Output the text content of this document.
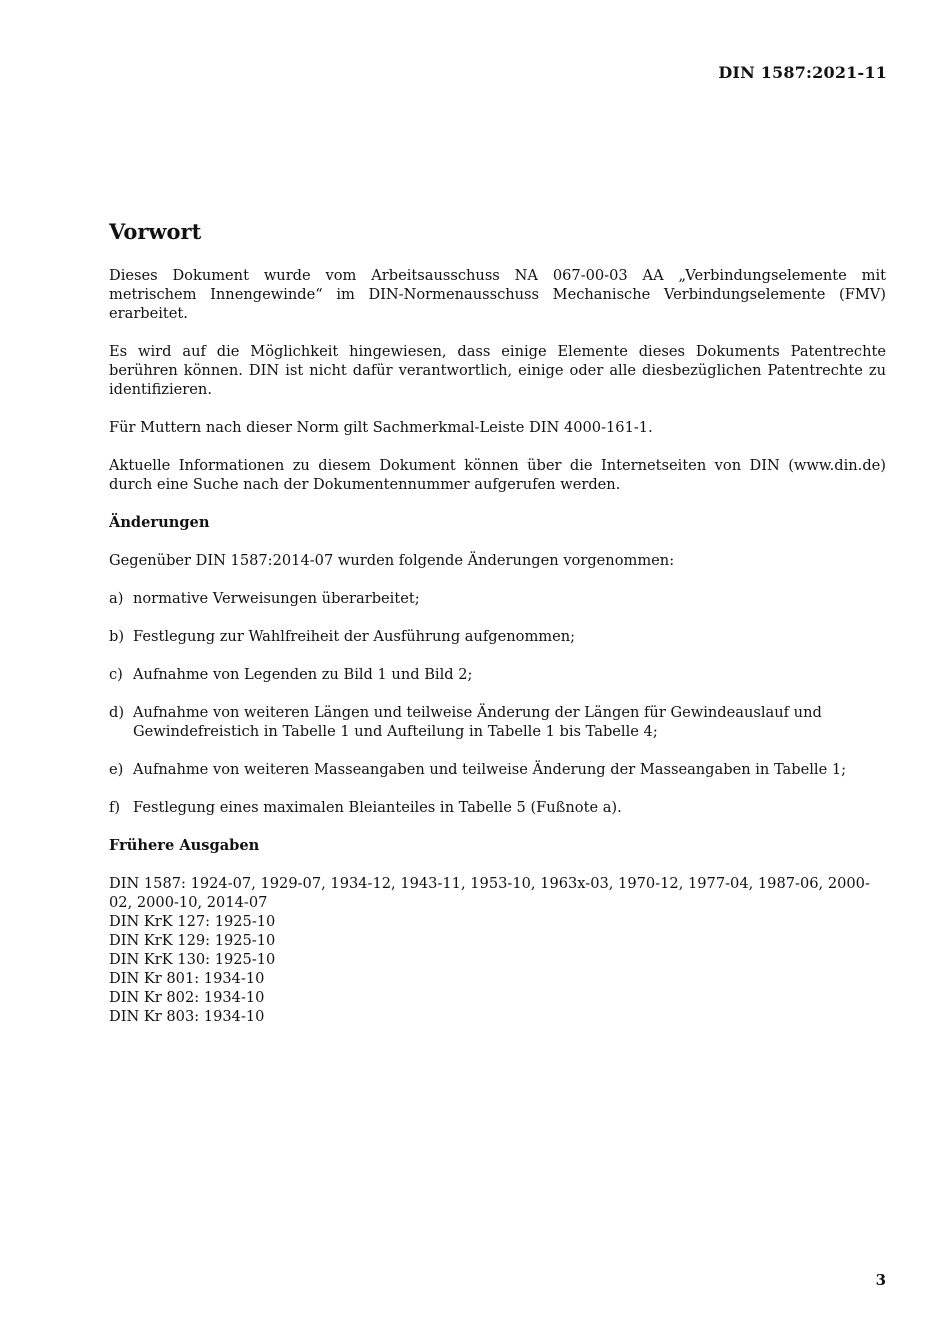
DIN 1587:2021-11
Vorwort

Dieses Dokument wurde vom Arbeitsausschuss NA 067-00-03 AA „Verbindungselemente mit metrischem Innengewinde“ im DIN-Normenausschuss Mechanische Verbindungselemente (FMV) erarbeitet.

Es wird auf die Möglichkeit hingewiesen, dass einige Elemente dieses Dokuments Patentrechte berühren können. DIN ist nicht dafür verantwortlich, einige oder alle diesbezüglichen Patentrechte zu identifizieren.

Für Muttern nach dieser Norm gilt Sachmerkmal-Leiste DIN 4000-161-1.

Aktuelle Informationen zu diesem Dokument können über die Internetseiten von DIN (www.din.de) durch eine Suche nach der Dokumentennummer aufgerufen werden.

Änderungen

Gegenüber DIN 1587:2014-07 wurden folgende Änderungen vorgenommen:

a) normative Verweisungen überarbeitet;
b) Festlegung zur Wahlfreiheit der Ausführung aufgenommen;
c) Aufnahme von Legenden zu Bild 1 und Bild 2;
d) Aufnahme von weiteren Längen und teilweise Änderung der Längen für Gewindeauslauf und Gewindefreistich in Tabelle 1 und Aufteilung in Tabelle 1 bis Tabelle 4;
e) Aufnahme von weiteren Masseangaben und teilweise Änderung der Masseangaben in Tabelle 1;
f) Festlegung eines maximalen Bleianteiles in Tabelle 5 (Fußnote a).
Frühere Ausgaben
DIN 1587: 1924-07, 1929-07, 1934-12, 1943-11, 1953-10, 1963x-03, 1970-12, 1977-04, 1987-06, 2000-02, 2000-10, 2014-07
DIN KrK 127: 1925-10
DIN KrK 129: 1925-10
DIN KrK 130: 1925-10
DIN Kr 801: 1934-10
DIN Kr 802: 1934-10
DIN Kr 803: 1934-10
3
